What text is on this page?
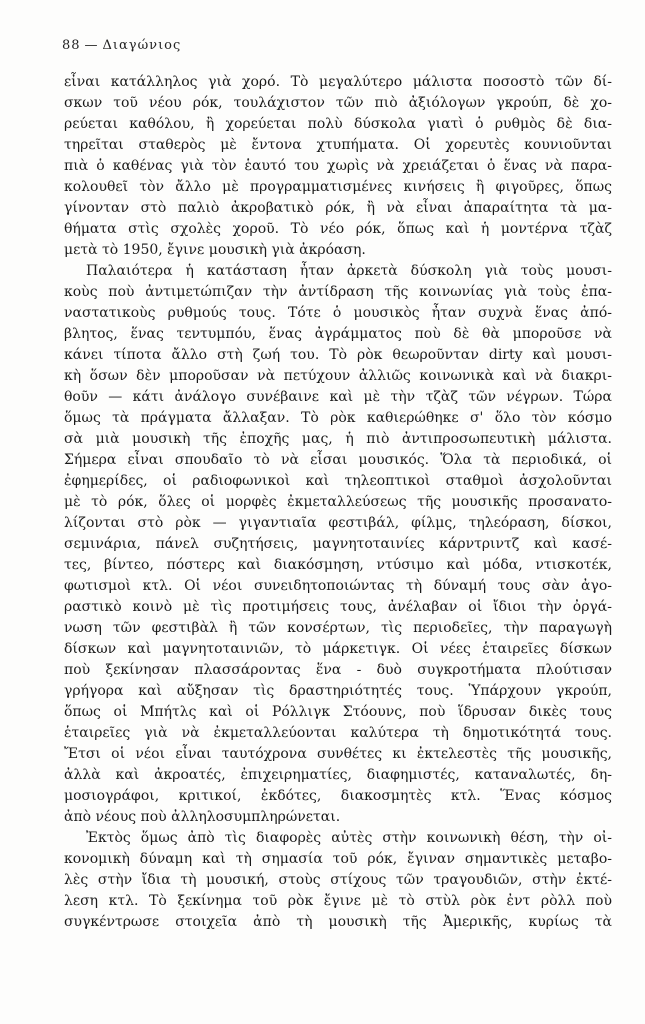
88 — Διαγώνιος
εἶναι κατάλληλος γιὰ χορό. Τὸ μεγαλύτερο μάλιστα ποσοστὸ τῶν δί-
σκων τοῦ νέου ρόκ, τουλάχιστον τῶν πιὸ ἀξιόλογων γκρούπ, δὲ χο-
ρεύεται καθόλου, ἢ χορεύεται πολὺ δύσκολα γιατὶ ὁ ρυθμὸς δὲ δια-
τηρεῖται σταθερὸς μὲ ἔντονα χτυπήματα. Οἱ χορευτὲς κουνιοῦνται
πιὰ ὁ καθένας γιὰ τὸν ἑαυτό του χωρὶς νὰ χρειάζεται ὁ ἕνας νὰ παρα-
κολουθεῖ τὸν ἄλλο μὲ προγραμματισμένες κινήσεις ἢ φιγοῦρες, ὅπως
γίνονταν στὸ παλιὸ ἀκροβατικὸ ρόκ, ἢ νὰ εἶναι ἀπαραίτητα τὰ μα-
θήματα στὶς σχολὲς χοροῦ. Τὸ νέο ρόκ, ὅπως καὶ ἡ μοντέρνα τζὰζ
μετὰ τὸ 1950, ἔγινε μουσικὴ γιὰ ἀκρόαση.
Παλαιότερα ἡ κατάσταση ἦταν ἀρκετὰ δύσκολη γιὰ τοὺς μουσι-
κοὺς ποὺ ἀντιμετώπιζαν τὴν ἀντίδραση τῆς κοινωνίας γιὰ τοὺς ἐπα-
ναστατικοὺς ρυθμούς τους. Τότε ὁ μουσικὸς ἦταν συχνὰ ἕνας ἀπό-
βλητος, ἕνας τεντυμπόυ, ἕνας ἀγράμματος ποὺ δὲ θὰ μποροῦσε νὰ
κάνει τίποτα ἄλλο στὴ ζωή του. Τὸ ρὸκ θεωροῦνταν dirty καὶ μουσι-
κὴ ὅσων δὲν μποροῦσαν νὰ πετύχουν ἀλλιῶς κοινωνικὰ καὶ νὰ διακρι-
θοῦν — κάτι ἀνάλογο συνέβαινε καὶ μὲ τὴν τζὰζ τῶν νέγρων. Τώρα
ὅμως τὰ πράγματα ἄλλαξαν. Τὸ ρὸκ καθιερώθηκε σ' ὅλο τὸν κόσμο
σὰ μιὰ μουσικὴ τῆς ἐποχῆς μας, ἡ πιὸ ἀντιπροσωπευτικὴ μάλιστα.
Σήμερα εἶναι σπουδαῖο τὸ νὰ εἶσαι μουσικός. Ὅλα τὰ περιοδικά, οἱ
ἐφημερίδες, οἱ ραδιοφωνικοὶ καὶ τηλεοπτικοὶ σταθμοὶ ἀσχολοῦνται
μὲ τὸ ρόκ, ὅλες οἱ μορφὲς ἐκμεταλλεύσεως τῆς μουσικῆς προσανατο-
λίζονται στὸ ρὸκ — γιγαντιαῖα φεστιβάλ, φίλμς, τηλεόραση, δίσκοι,
σεμινάρια, πάνελ συζητήσεις, μαγνητοταινίες κάρντριντζ καὶ κασέ-
τες, βίντεο, πόστερς καὶ διακόσμηση, ντύσιμο καὶ μόδα, ντισκοτέκ,
φωτισμοὶ κτλ. Οἱ νέοι συνειδητοποιώντας τὴ δύναμή τους σὰν ἀγο-
ραστικὸ κοινὸ μὲ τὶς προτιμήσεις τους, ἀνέλαβαν οἱ ἴδιοι τὴν ὀργά-
νωση τῶν φεστιβὰλ ἢ τῶν κονσέρτων, τὶς περιοδεῖες, τὴν παραγωγὴ
δίσκων καὶ μαγνητοταινιῶν, τὸ μάρκετιγκ. Οἱ νέες ἑταιρεῖες δίσκων
ποὺ ξεκίνησαν πλασσάροντας ἕνα - δυὸ συγκροτήματα πλούτισαν
γρήγορα καὶ αὔξησαν τὶς δραστηριότητές τους. Ὑπάρχουν γκρούπ,
ὅπως οἱ Μπήτλς καὶ οἱ Ρόλλιγκ Στόουνς, ποὺ ἵδρυσαν δικὲς τους
ἑταιρεῖες γιὰ νὰ ἐκμεταλλεύονται καλύτερα τὴ δημοτικότητά τους.
Ἔτσι οἱ νέοι εἶναι ταυτόχρονα συνθέτες κι ἐκτελεστὲς τῆς μουσικῆς,
ἀλλὰ καὶ ἀκροατές, ἐπιχειρηματίες, διαφημιστές, καταναλωτές, δη-
μοσιογράφοι, κριτικοί, ἐκδότες, διακοσμητὲς κτλ. Ἕνας κόσμος
ἀπὸ νέους ποὺ ἀλληλοσυμπληρώνεται.
Ἐκτὸς ὅμως ἀπὸ τὶς διαφορὲς αὐτὲς στὴν κοινωνικὴ θέση, τὴν οἰ-
κονομικὴ δύναμη καὶ τὴ σημασία τοῦ ρόκ, ἔγιναν σημαντικὲς μεταβο-
λὲς στὴν ἴδια τὴ μουσική, στοὺς στίχους τῶν τραγουδιῶν, στὴν ἐκτέ-
λεση κτλ. Τὸ ξεκίνημα τοῦ ρὸκ ἔγινε μὲ τὸ στὺλ ρὸκ ἐντ ρὸλλ ποὺ
συγκέντρωσε στοιχεῖα ἀπὸ τὴ μουσικὴ τῆς Ἀμερικῆς, κυρίως τὰ
